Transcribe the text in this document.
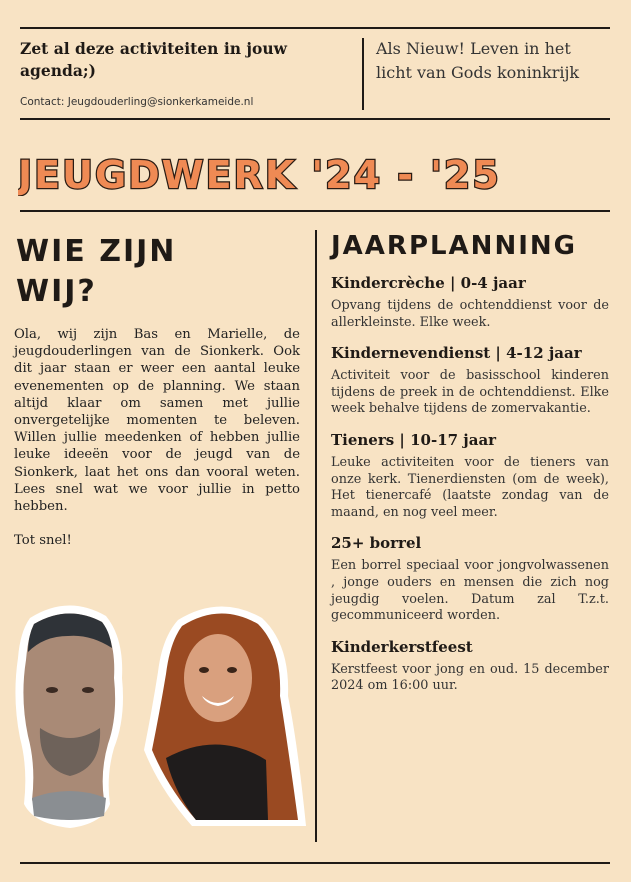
Zet al deze activiteiten in jouw agenda;)

Contact: Jeugdouderling@sionkerkameide.nl
Als Nieuw! Leven in het licht van Gods koninkrijk
JEUGDWERK '24 - '25
WIE ZIJN
WIJ?

Ola, wij zijn Bas en Marielle, de jeugdouderlingen van de Sionkerk. Ook dit jaar staan er weer een aantal leuke evenementen op de planning. We staan altijd klaar om samen met jullie onvergetelijke momenten te beleven. Willen jullie meedenken of hebben jullie leuke ideeën voor de jeugd van de Sionkerk, laat het ons dan vooral weten. Lees snel wat we voor jullie in petto hebben.

Tot snel!

JAARPLANNING
Kindercrèche | 0-4 jaar

Opvang tijdens de ochtenddienst voor de allerkleinste. Elke week.

Kindernevendienst | 4-12 jaar

Activiteit voor de basisschool kinderen tijdens de preek in de ochtenddienst. Elke week behalve tijdens de zomervakantie.

Tieners | 10-17 jaar

Leuke activiteiten voor de tieners van onze kerk. Tienerdiensten (om de week), Het tienercafé (laatste zondag van de maand, en nog veel meer.

25+ borrel

Een borrel speciaal voor jongvolwassenen , jonge ouders en mensen die zich nog jeugdig voelen. Datum zal T.z.t. gecommuniceerd worden.

Kinderkerstfeest

Kerstfeest voor jong en oud. 15 december 2024 om 16:00 uur.
